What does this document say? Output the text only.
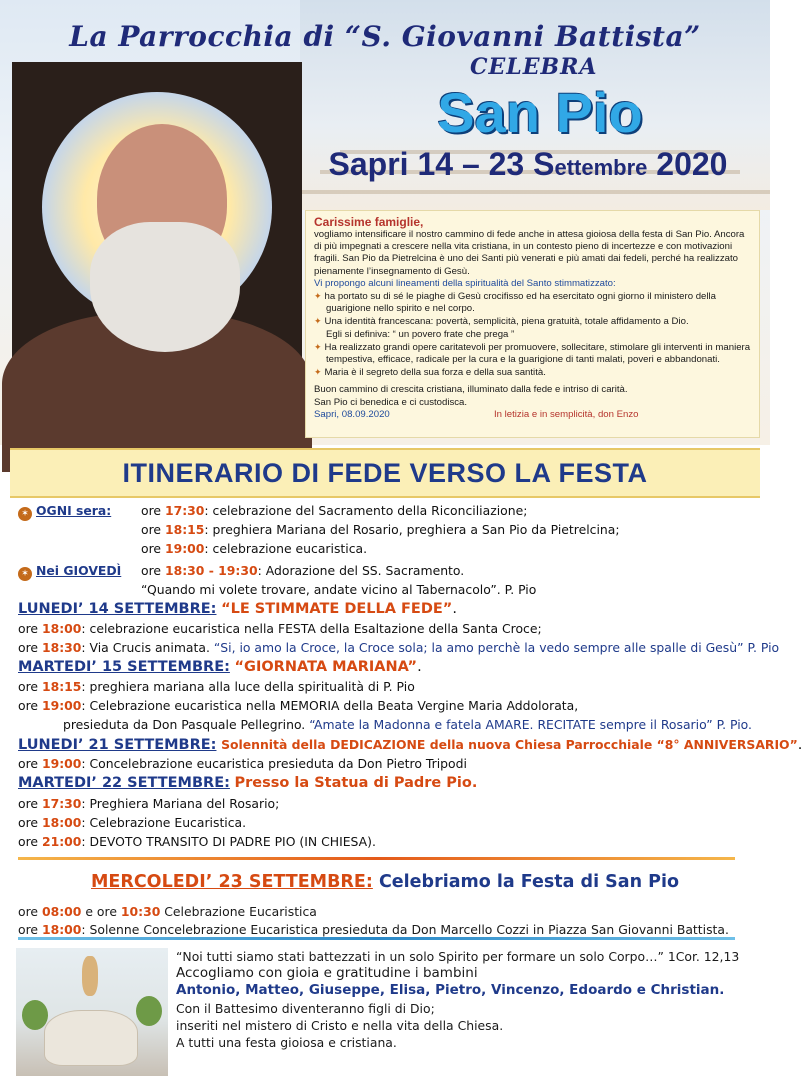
La Parrocchia di “S. Giovanni Battista”
CELEBRA
San Pio
Sapri 14 – 23 Settembre 2020
Carissime famiglie,
vogliamo intensificare il nostro cammino di fede anche in attesa gioiosa della festa di San Pio. Ancora di più impegnati a crescere nella vita cristiana, in un contesto pieno di incertezze e con motivazioni fragili. San Pio da Pietrelcina è uno dei Santi più venerati e più amati dai fedeli, perché ha realizzato pienamente l’insegnamento di Gesù.
Vi propongo alcuni lineamenti della spiritualità del Santo stimmatizzato:
✦ ha portato su di sé le piaghe di Gesù crocifisso ed ha esercitato ogni giorno il ministero della guarigione nello spirito e nel corpo.
✦ Una identità francescana: povertà, semplicità, piena gratuità, totale affidamento a Dio.
Egli si definiva: “ un povero frate che prega ”
✦ Ha realizzato grandi opere caritatevoli per promuovere, sollecitare, stimolare gli interventi in maniera tempestiva, efficace, radicale per la cura e la guarigione di tanti malati, poveri e abbandonati.
✦ Maria è il segreto della sua forza e della sua santità.
Buon cammino di crescita cristiana, illuminato dalla fede e intriso di carità.
San Pio ci benedica e ci custodisca.
Sapri, 08.09.2020	In letizia e in semplicità, don Enzo
ITINERARIO DI FEDE VERSO LA FESTA
✶ OGNI sera: ore 17:30: celebrazione del Sacramento della Riconciliazione;
ore 18:15: preghiera Mariana del Rosario, preghiera a San Pio da Pietrelcina;
ore 19:00: celebrazione eucaristica.
✶ Nei GIOVEDÌ ore 18:30 - 19:30: Adorazione del SS. Sacramento.
“Quando mi volete trovare, andate vicino al Tabernacolo”. P. Pio
LUNEDI’ 14 SETTEMBRE: “LE STIMMATE DELLA FEDE”.
ore 18:00: celebrazione eucaristica nella FESTA della Esaltazione della Santa Croce;
ore 18:30: Via Crucis animata. “Si, io amo la Croce, la Croce sola; la amo perchè la vedo sempre alle spalle di Gesù” P. Pio
MARTEDI’ 15 SETTEMBRE: “GIORNATA MARIANA”.
ore 18:15: preghiera mariana alla luce della spiritualità di P. Pio
ore 19:00: Celebrazione eucaristica nella MEMORIA della Beata Vergine Maria Addolorata,
presieduta da Don Pasquale Pellegrino. “Amate la Madonna e fatela AMARE. RECITATE sempre il Rosario” P. Pio.
LUNEDI’ 21 SETTEMBRE: Solennità della DEDICAZIONE della nuova Chiesa Parrocchiale “8° ANNIVERSARIO”.
ore 19:00: Concelebrazione eucaristica presieduta da Don Pietro Tripodi
MARTEDI’ 22 SETTEMBRE: Presso la Statua di Padre Pio.
ore 17:30: Preghiera Mariana del Rosario;
ore 18:00: Celebrazione Eucaristica.
ore 21:00: DEVOTO TRANSITO DI PADRE PIO (IN CHIESA).
MERCOLEDI’ 23 SETTEMBRE: Celebriamo la Festa di San Pio
ore 08:00 e ore 10:30 Celebrazione Eucaristica
ore 18:00: Solenne Concelebrazione Eucaristica presieduta da Don Marcello Cozzi in Piazza San Giovanni Battista.
“Noi tutti siamo stati battezzati in un solo Spirito per formare un solo Corpo…” 1Cor. 12,13
Accogliamo con gioia e gratitudine i bambini
Antonio, Matteo, Giuseppe, Elisa, Pietro, Vincenzo, Edoardo e Christian.
Con il Battesimo diventeranno figli di Dio;
inseriti nel mistero di Cristo e nella vita della Chiesa.
A tutti una festa gioiosa e cristiana.
